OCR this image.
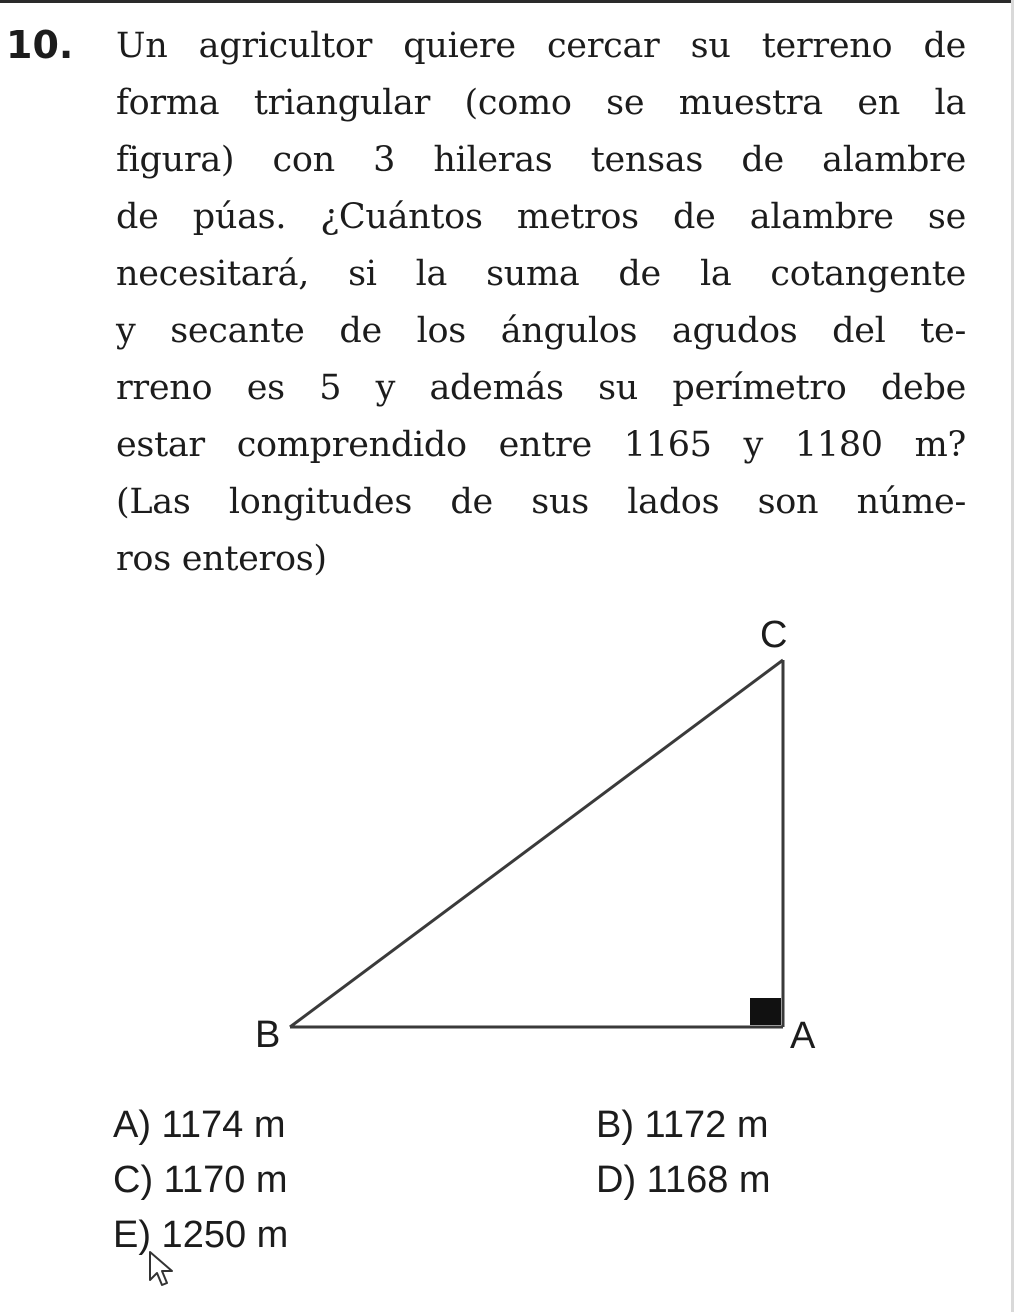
10. Un agricultor quiere cercar su terreno de
forma triangular (como se muestra en la
figura) con 3 hileras tensas de alambre
de púas. ¿Cuántos metros de alambre se
necesitará, si la suma de la cotangente
y secante de los ángulos agudos del te-
rreno es 5 y además su perímetro debe
estar comprendido entre 1165 y 1180 m?
(Las longitudes de sus lados son núme-
ros enteros)
C
B	A
A) 1174 m	B) 1172 m
C) 1170 m	D) 1168 m
E) 1250 m
